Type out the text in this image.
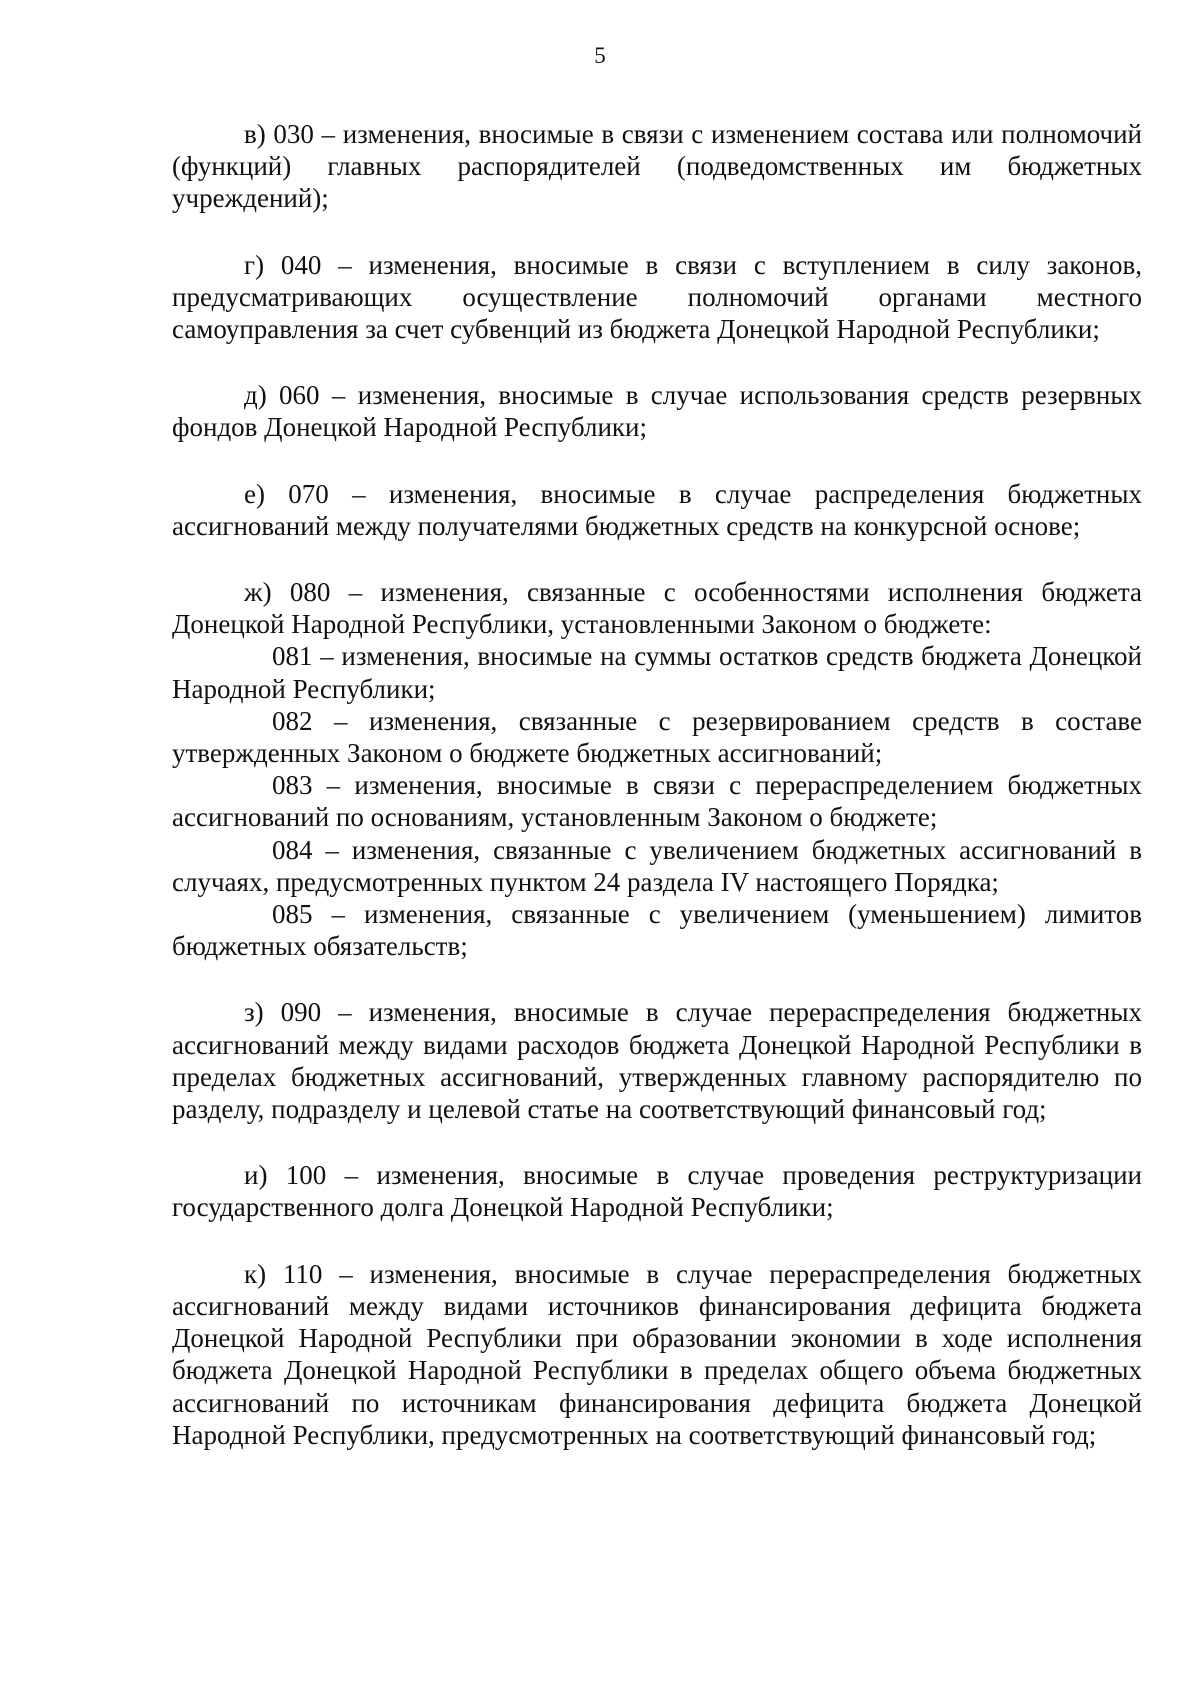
5

в) 030 – изменения, вносимые в связи с изменением состава или полномочий (функций) главных распорядителей (подведомственных им бюджетных учреждений);

г) 040 – изменения, вносимые в связи с вступлением в силу законов, предусматривающих осуществление полномочий органами местного самоуправления за счет субвенций из бюджета Донецкой Народной Республики;

д) 060 – изменения, вносимые в случае использования средств резервных фондов Донецкой Народной Республики;

е) 070 – изменения, вносимые в случае распределения бюджетных ассигнований между получателями бюджетных средств на конкурсной основе;

ж) 080 – изменения, связанные с особенностями исполнения бюджета Донецкой Народной Республики, установленными Законом о бюджете:

081 – изменения, вносимые на суммы остатков средств бюджета Донецкой Народной Республики;

082 – изменения, связанные с резервированием средств в составе утвержденных Законом о бюджете бюджетных ассигнований;

083 – изменения, вносимые в связи с перераспределением бюджетных ассигнований по основаниям, установленным Законом о бюджете;

084 – изменения, связанные с увеличением бюджетных ассигнований в случаях, предусмотренных пунктом 24 раздела IV настоящего Порядка;

085 – изменения, связанные с увеличением (уменьшением) лимитов бюджетных обязательств;

з) 090 – изменения, вносимые в случае перераспределения бюджетных ассигнований между видами расходов бюджета Донецкой Народной Республики в пределах бюджетных ассигнований, утвержденных главному распорядителю по разделу, подразделу и целевой статье на соответствующий финансовый год;

и) 100 – изменения, вносимые в случае проведения реструктуризации государственного долга Донецкой Народной Республики;

к) 110 – изменения, вносимые в случае перераспределения бюджетных ассигнований между видами источников финансирования дефицита бюджета Донецкой Народной Республики при образовании экономии в ходе исполнения бюджета Донецкой Народной Республики в пределах общего объема бюджетных ассигнований по источникам финансирования дефицита бюджета Донецкой Народной Республики, предусмотренных на соответствующий финансовый год;
